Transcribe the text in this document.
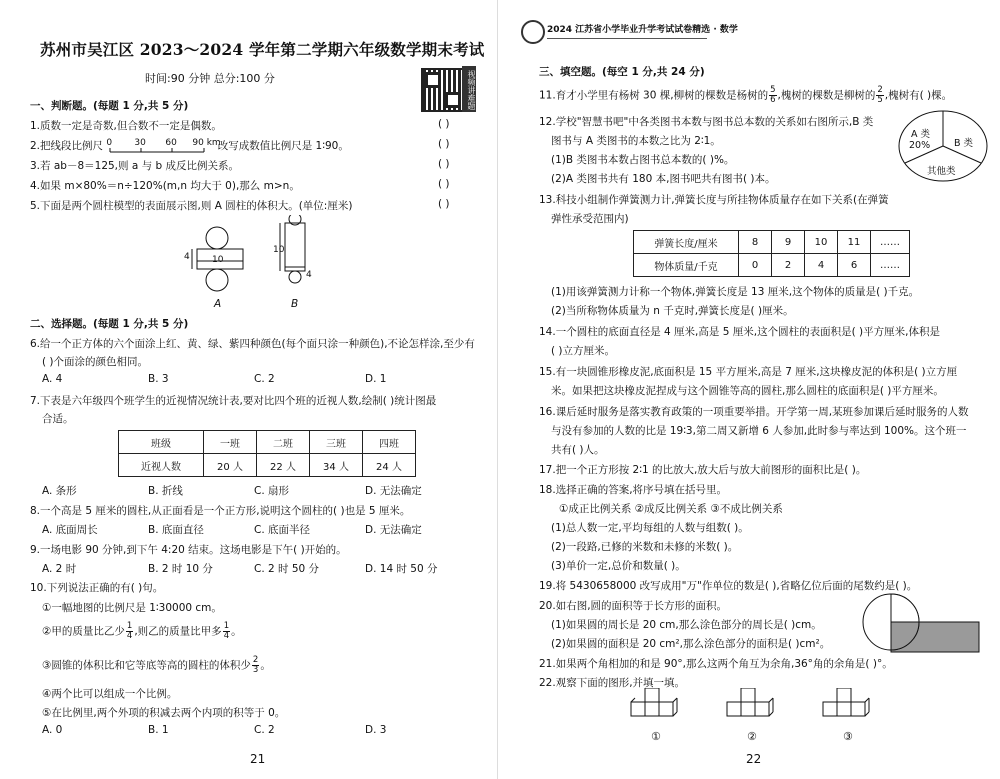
苏州市吴江区 2023～2024 学年第二学期六年级数学期末考试
时间:90 分钟 总分:100 分	视频讲难题
一、判断题。(每题 1 分,共 5 分)
1.质数一定是奇数,但合数不一定是偶数。
2.把线段比例尺 0 30 60 90 km
改写成数值比例尺是 1∶90。
3.若 ab－8＝125,则 a 与 b 成反比例关系。
4.如果 m×80%＝n÷120%(m,n 均大于 0),那么 m>n。
5.下面是两个圆柱模型的表面展示图,则 A 圆柱的体积大。(单位:厘米)
( )
( )
( )
( )
( )
4 10
10
4
A	B
二、选择题。(每题 1 分,共 5 分)
6.给一个正方体的六个面涂上红、黄、绿、紫四种颜色(每个面只涂一种颜色),不论怎样涂,至少有
( )个面涂的颜色相同。
A. 4	B. 3	C. 2	D. 1
7.下表是六年级四个班学生的近视情况统计表,要对比四个班的近视人数,绘制( )统计图最
合适。
班级	一班	二班	三班	四班
近视人数	20 人	22 人	34 人	24 人
A. 条形	B. 折线	C. 扇形	D. 无法确定
8.一个高是 5 厘米的圆柱,从正面看是一个正方形,说明这个圆柱的( )也是 5 厘米。
A. 底面周长	B. 底面直径	C. 底面半径	D. 无法确定
9.一场电影 90 分钟,到下午 4:20 结束。这场电影是下午( )开始的。
A. 2 时	B. 2 时 10 分	C. 2 时 50 分	D. 14 时 50 分
10.下列说法正确的有( )句。
①一幅地图的比例尺是 1∶30000 cm。
②甲的质量比乙少 $\frac{1}{4}$ ,则乙的质量比甲多 $\frac{1}{4}$ 。
③圆锥的体积比和它等底等高的圆柱的体积少 $\frac{2}{3}$ 。
④两个比可以组成一个比例。
⑤在比例里,两个外项的积减去两个内项的积等于 0。
A. 0	B. 1	C. 2	D. 3
21
2024 江苏省小学毕业升学考试试卷精选 · 数学
三、填空题。(每空 1 分,共 24 分)
11.育才小学里有杨树 30 棵,柳树的棵数是杨树的 $\frac{5}{6}$ ,槐树的棵数是柳树的 $\frac{2}{5}$ ,槐树有( )棵。
12.学校"智慧书吧"中各类图书本数与图书总本数的关系如右图所示,B 类
图书与 A 类图书的本数之比为 2∶1。
(1)B 类图书本数占图书总本数的( )%。
(2)A 类图书共有 180 本,图书吧共有图书( )本。
A 类
20%	B 类
其他类
13.科技小组制作弹簧测力计,弹簧长度与所挂物体质量存在如下关系(在弹簧
弹性承受范围内)
弹簧长度/厘米	8	9	10	11	……
物体质量/千克	0	2	4	6	……
(1)用该弹簧测力计称一个物体,弹簧长度是 13 厘米,这个物体的质量是( )千克。
(2)当所称物体质量为 n 千克时,弹簧长度是( )厘米。
14.一个圆柱的底面直径是 4 厘米,高是 5 厘米,这个圆柱的表面积是( )平方厘米,体积是
( )立方厘米。
15.有一块圆锥形橡皮泥,底面积是 15 平方厘米,高是 7 厘米,这块橡皮泥的体积是( )立方厘
米。如果把这块橡皮泥捏成与这个圆锥等高的圆柱,那么圆柱的底面积是( )平方厘米。
16.课后延时服务是落实教育政策的一项重要举措。开学第一周,某班参加课后延时服务的人数
与没有参加的人数的比是 19∶3,第二周又新增 6 人参加,此时参与率达到 100%。这个班一
共有( )人。
17.把一个正方形按 2∶1 的比放大,放大后与放大前图形的面积比是( )。
18.选择正确的答案,将序号填在括号里。
①成正比例关系 ②成反比例关系 ③不成比例关系
(1)总人数一定,平均每组的人数与组数( )。
(2)一段路,已修的米数和未修的米数( )。
(3)单价一定,总价和数量( )。
19.将 5430658000 改写成用"万"作单位的数是( ),省略亿位后面的尾数约是( )。
20.如右图,圆的面积等于长方形的面积。
(1)如果圆的周长是 20 cm,那么涂色部分的周长是( )cm。
(2)如果圆的面积是 20 cm²,那么涂色部分的面积是( )cm²。
21.如果两个角相加的和是 90°,那么这两个角互为余角,36°角的余角是( )°。
22.观察下面的图形,并填一填。
①	②	③
22
